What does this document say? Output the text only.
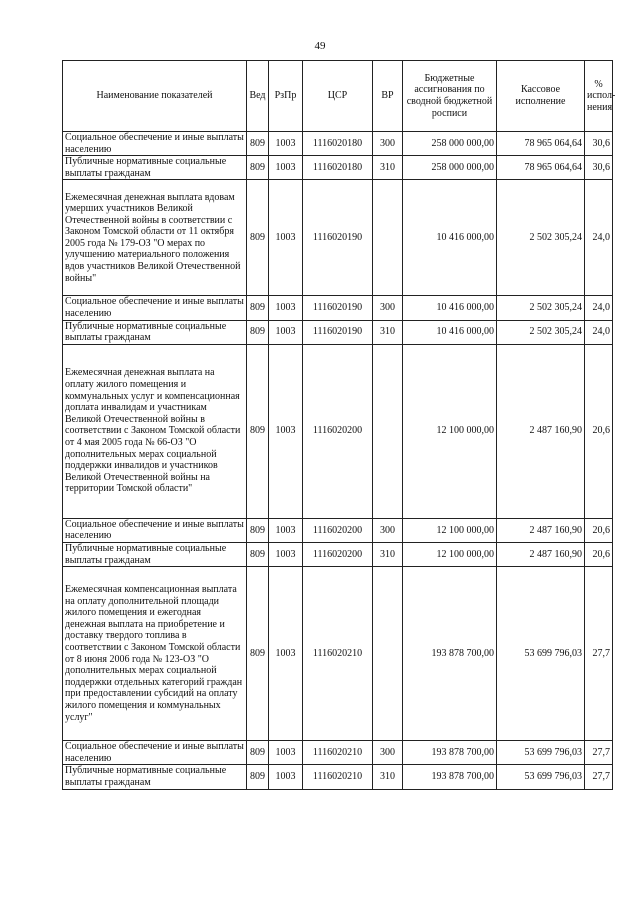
49
Наименование показателей	Вед	РзПр	ЦСР	ВР	Бюджетные ассигнования по сводной бюджетной росписи	Кассовое исполнение	% испол-нения
Социальное обеспечение и иные выплаты населению	809	1003	1116020180	300	258 000 000,00	78 965 064,64	30,6
Публичные нормативные социальные выплаты гражданам	809	1003	1116020180	310	258 000 000,00	78 965 064,64	30,6
Ежемесячная денежная выплата вдовам умерших участников Великой Отечественной войны в соответствии с Законом Томской области от 11 октября 2005 года № 179-ОЗ "О мерах по улучшению материального положения вдов участников Великой Отечественной войны"	809	1003	1116020190		10 416 000,00	2 502 305,24	24,0
Социальное обеспечение и иные выплаты населению	809	1003	1116020190	300	10 416 000,00	2 502 305,24	24,0
Публичные нормативные социальные выплаты гражданам	809	1003	1116020190	310	10 416 000,00	2 502 305,24	24,0
Ежемесячная денежная выплата на оплату жилого помещения и коммунальных услуг и компенсационная доплата инвалидам и участникам Великой Отечественной войны в соответствии с Законом Томской области от 4 мая 2005 года № 66-ОЗ "О дополнительных мерах социальной поддержки инвалидов и участников Великой Отечественной войны на территории Томской области"	809	1003	1116020200		12 100 000,00	2 487 160,90	20,6
Социальное обеспечение и иные выплаты населению	809	1003	1116020200	300	12 100 000,00	2 487 160,90	20,6
Публичные нормативные социальные выплаты гражданам	809	1003	1116020200	310	12 100 000,00	2 487 160,90	20,6
Ежемесячная компенсационная выплата на оплату дополнительной площади жилого помещения и ежегодная денежная выплата на приобретение и доставку твердого топлива в соответствии с Законом Томской области от 8 июня 2006 года № 123-ОЗ "О дополнительных мерах социальной поддержки отдельных категорий граждан при предоставлении субсидий на оплату жилого помещения и коммунальных услуг"	809	1003	1116020210		193 878 700,00	53 699 796,03	27,7
Социальное обеспечение и иные выплаты населению	809	1003	1116020210	300	193 878 700,00	53 699 796,03	27,7
Публичные нормативные социальные выплаты гражданам	809	1003	1116020210	310	193 878 700,00	53 699 796,03	27,7
